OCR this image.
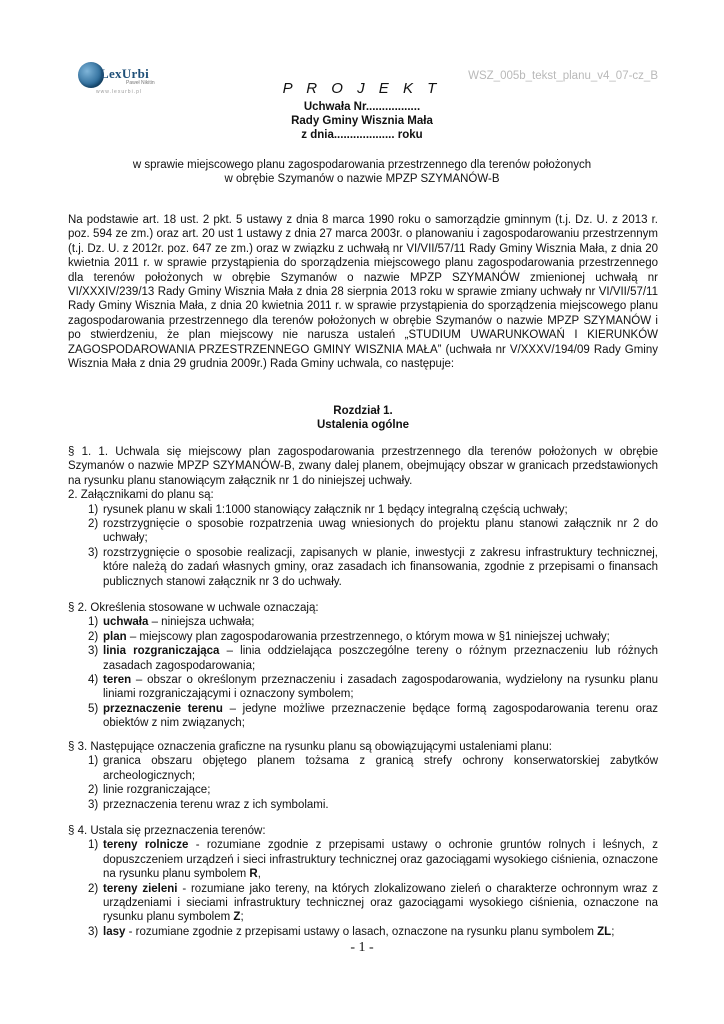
LexUrbi
Paweł Nikitin
www.lexurbi.pl
WSZ_005b_tekst_planu_v4_07-cz_B
P R O J E K T
Uchwała Nr.................
Rady Gminy Wisznia Mała
z dnia................... roku
w sprawie miejscowego planu zagospodarowania przestrzennego dla terenów położonych
w obrębie Szymanów o nazwie MPZP SZYMANÓW-B

Na podstawie art. 18 ust. 2 pkt. 5 ustawy z dnia 8 marca 1990 roku o samorządzie gminnym (t.j. Dz. U. z 2013 r. poz. 594 ze zm.) oraz art. 20 ust 1 ustawy z dnia 27 marca 2003r. o planowaniu i zagospodarowaniu przestrzennym (t.j. Dz. U. z 2012r. poz. 647 ze zm.) oraz w związku z uchwałą nr VI/VII/57/11 Rady Gminy Wisznia Mała, z dnia 20 kwietnia 2011 r. w sprawie przystąpienia do sporządzenia miejscowego planu zagospodarowania przestrzennego dla terenów położonych w obrębie Szymanów o nazwie MPZP SZYMANÓW zmienionej uchwałą nr VI/XXXIV/239/13 Rady Gminy Wisznia Mała z dnia 28 sierpnia 2013 roku w sprawie zmiany uchwały nr VI/VII/57/11 Rady Gminy Wisznia Mała, z dnia 20 kwietnia 2011 r. w sprawie przystąpienia do sporządzenia miejscowego planu zagospodarowania przestrzennego dla terenów położonych w obrębie Szymanów o nazwie MPZP SZYMANÓW i po stwierdzeniu, że plan miejscowy nie narusza ustaleń „STUDIUM UWARUNKOWAŃ I KIERUNKÓW ZAGOSPODAROWANIA PRZESTRZENNEGO GMINY WISZNIA MAŁA” (uchwała nr V/XXXV/194/09 Rady Gminy Wisznia Mała z dnia 29 grudnia 2009r.) Rada Gminy uchwala, co następuje:

Rozdział 1.
Ustalenia ogólne

§ 1. 1. Uchwala się miejscowy plan zagospodarowania przestrzennego dla terenów położonych w obrębie Szymanów o nazwie MPZP SZYMANÓW-B, zwany dalej planem, obejmujący obszar w granicach przedstawionych na rysunku planu stanowiącym załącznik nr 1 do niniejszej uchwały.

2. Załącznikami do planu są:

1) rysunek planu w skali 1:1000 stanowiący załącznik nr 1 będący integralną częścią uchwały;
2) rozstrzygnięcie o sposobie rozpatrzenia uwag wniesionych do projektu planu stanowi załącznik nr 2 do uchwały;
3) rozstrzygnięcie o sposobie realizacji, zapisanych w planie, inwestycji z zakresu infrastruktury technicznej, które należą do zadań własnych gminy, oraz zasadach ich finansowania, zgodnie z przepisami o finansach publicznych stanowi załącznik nr 3 do uchwały.

§ 2. Określenia stosowane w uchwale oznaczają:

1) uchwała – niniejsza uchwała;
2) plan – miejscowy plan zagospodarowania przestrzennego, o którym mowa w §1 niniejszej uchwały;
3) linia rozgraniczająca – linia oddzielająca poszczególne tereny o różnym przeznaczeniu lub różnych zasadach zagospodarowania;
4) teren – obszar o określonym przeznaczeniu i zasadach zagospodarowania, wydzielony na rysunku planu liniami rozgraniczającymi i oznaczony symbolem;
5) przeznaczenie terenu – jedyne możliwe przeznaczenie będące formą zagospodarowania terenu oraz obiektów z nim związanych;

§ 3. Następujące oznaczenia graficzne na rysunku planu są obowiązującymi ustaleniami planu:

1) granica obszaru objętego planem tożsama z granicą strefy ochrony konserwatorskiej zabytków archeologicznych;
2) linie rozgraniczające;
3) przeznaczenia terenu wraz z ich symbolami.

§ 4. Ustala się przeznaczenia terenów:

1) tereny rolnicze - rozumiane zgodnie z przepisami ustawy o ochronie gruntów rolnych i leśnych, z dopuszczeniem urządzeń i sieci infrastruktury technicznej oraz gazociągami wysokiego ciśnienia, oznaczone na rysunku planu symbolem R,
2) tereny zieleni - rozumiane jako tereny, na których zlokalizowano zieleń o charakterze ochronnym wraz z urządzeniami i sieciami infrastruktury technicznej oraz gazociągami wysokiego ciśnienia, oznaczone na rysunku planu symbolem Z;
3) lasy - rozumiane zgodnie z przepisami ustawy o lasach, oznaczone na rysunku planu symbolem ZL;
- 1 -
